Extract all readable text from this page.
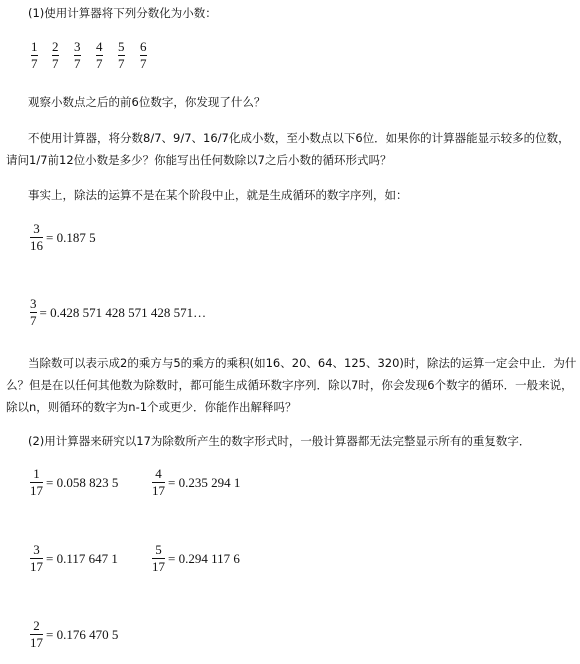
(1)使用计算器将下列分数化为小数：
1
7
2
7
3
7
4
7
5
7
6
7
观察小数点之后的前6位数字，你发现了什么？
不使用计算器，将分数8/7、9/7、16/7化成小数，至小数点以下6位．如果你的计算器能显示较多的位数，请问1/7前12位小数是多少？你能写出任何数除以7之后小数的循环形式吗？
事实上，除法的运算不是在某个阶段中止，就是生成循环的数字序列，如：
3
16
= 0.187 5
3
7
= 0.428 571 428 571 428 571…
当除数可以表示成2的乘方与5的乘方的乘积(如16、20、64、125、320)时，除法的运算一定会中止．为什么？但是在以任何其他数为除数时，都可能生成循环数字序列．除以7时，你会发现6个数字的循环．一般来说，除以n，则循环的数字为n-1个或更少．你能作出解释吗？
(2)用计算器来研究以17为除数所产生的数字形式时，一般计算器都无法完整显示所有的重复数字．
1
17
= 0.058 823 5
4
17
= 0.235 294 1
3
17
= 0.117 647 1
5
17
= 0.294 117 6
2
17
= 0.176 470 5
